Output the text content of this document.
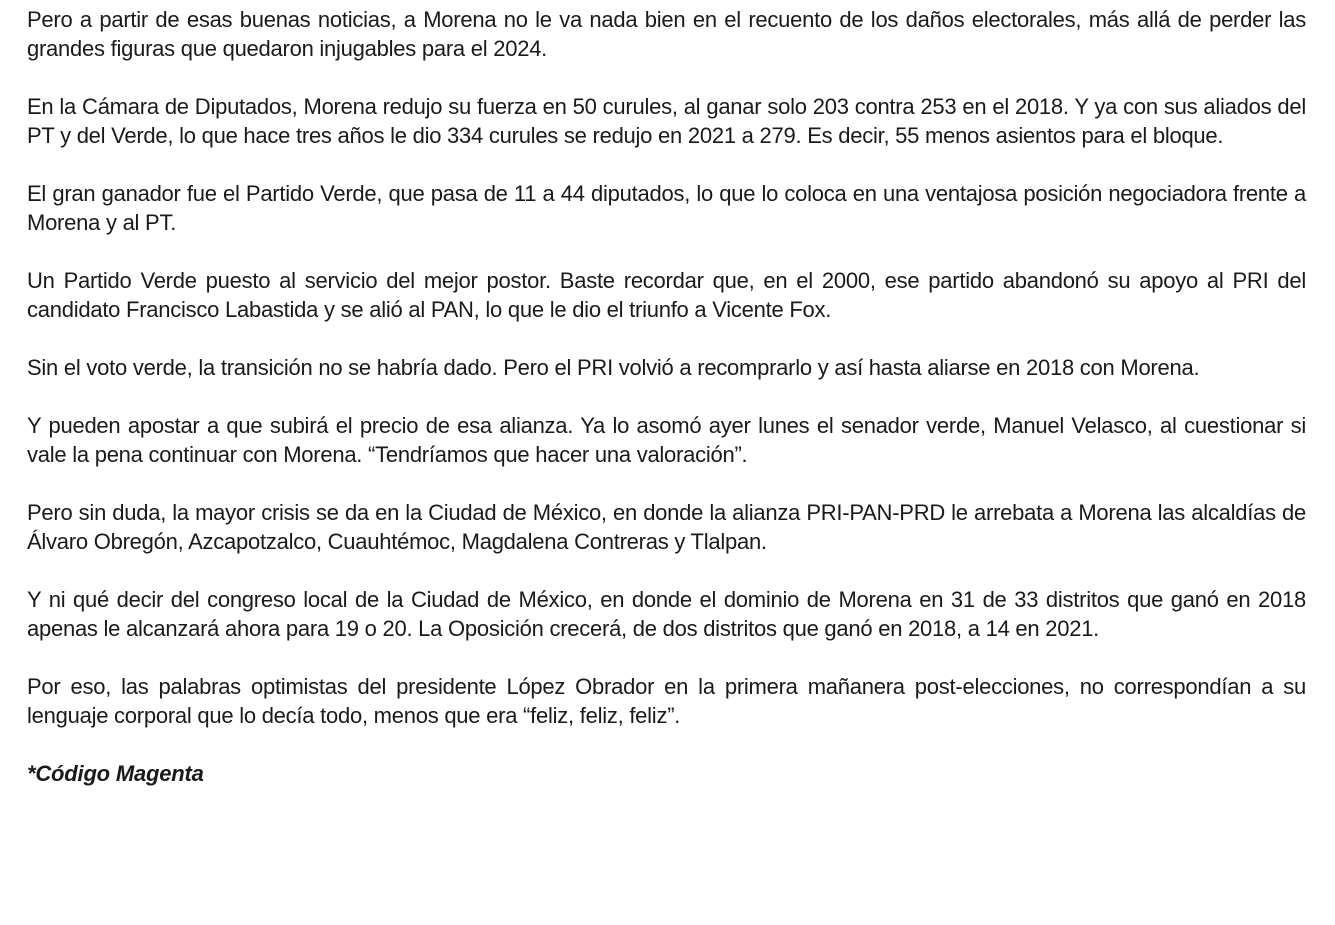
Pero a partir de esas buenas noticias, a Morena no le va nada bien en el recuento de los daños electorales, más allá de perder las grandes figuras que quedaron injugables para el 2024.

En la Cámara de Diputados, Morena redujo su fuerza en 50 curules, al ganar solo 203 contra 253 en el 2018. Y ya con sus aliados del PT y del Verde, lo que hace tres años le dio 334 curules se redujo en 2021 a 279. Es decir, 55 menos asientos para el bloque.

El gran ganador fue el Partido Verde, que pasa de 11 a 44 diputados, lo que lo coloca en una ventajosa posición negociadora frente a Morena y al PT.

Un Partido Verde puesto al servicio del mejor postor. Baste recordar que, en el 2000, ese partido abandonó su apoyo al PRI del candidato Francisco Labastida y se alió al PAN, lo que le dio el triunfo a Vicente Fox.

Sin el voto verde, la transición no se habría dado. Pero el PRI volvió a recomprarlo y así hasta aliarse en 2018 con Morena.

Y pueden apostar a que subirá el precio de esa alianza. Ya lo asomó ayer lunes el senador verde, Manuel Velasco, al cuestionar si vale la pena continuar con Morena. “Tendríamos que hacer una valoración”.

Pero sin duda, la mayor crisis se da en la Ciudad de México, en donde la alianza PRI-PAN-PRD le arrebata a Morena las alcaldías de Álvaro Obregón, Azcapotzalco, Cuauhtémoc, Magdalena Contreras y Tlalpan.

Y ni qué decir del congreso local de la Ciudad de México, en donde el dominio de Morena en 31 de 33 distritos que ganó en 2018 apenas le alcanzará ahora para 19 o 20. La Oposición crecerá, de dos distritos que ganó en 2018, a 14 en 2021.

Por eso, las palabras optimistas del presidente López Obrador en la primera mañanera post-elecciones, no correspondían a su lenguaje corporal que lo decía todo, menos que era “feliz, feliz, feliz”.

*Código Magenta
